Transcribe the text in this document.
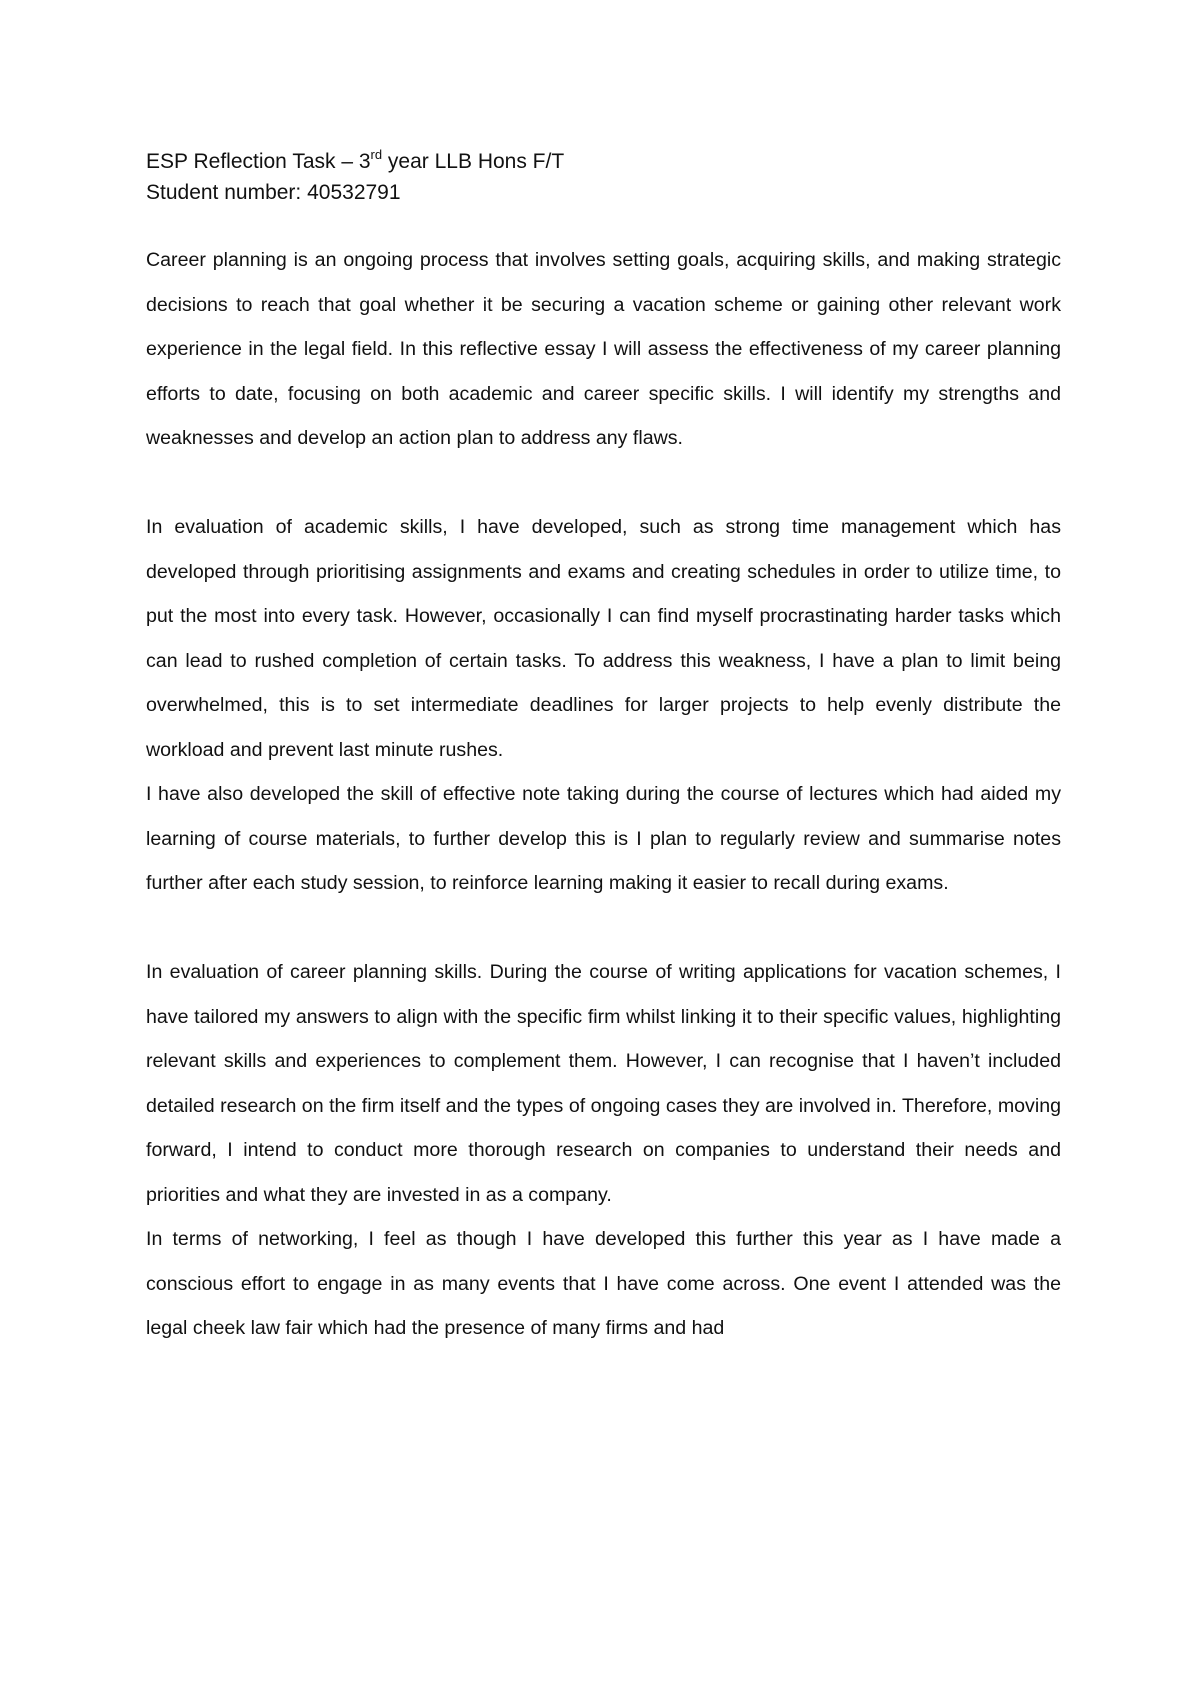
ESP Reflection Task – 3rd year LLB Hons F/T

Student number: 40532791

Career planning is an ongoing process that involves setting goals, acquiring skills, and making strategic decisions to reach that goal whether it be securing a vacation scheme or gaining other relevant work experience in the legal field. In this reflective essay I will assess the effectiveness of my career planning efforts to date, focusing on both academic and career specific skills. I will identify my strengths and weaknesses and develop an action plan to address any flaws.

In evaluation of academic skills, I have developed, such as strong time management which has developed through prioritising assignments and exams and creating schedules in order to utilize time, to put the most into every task. However, occasionally I can find myself procrastinating harder tasks which can lead to rushed completion of certain tasks. To address this weakness, I have a plan to limit being overwhelmed, this is to set intermediate deadlines for larger projects to help evenly distribute the workload and prevent last minute rushes.

I have also developed the skill of effective note taking during the course of lectures which had aided my learning of course materials, to further develop this is I plan to regularly review and summarise notes further after each study session, to reinforce learning making it easier to recall during exams.

In evaluation of career planning skills. During the course of writing applications for vacation schemes, I have tailored my answers to align with the specific firm whilst linking it to their specific values, highlighting relevant skills and experiences to complement them. However, I can recognise that I haven’t included detailed research on the firm itself and the types of ongoing cases they are involved in. Therefore, moving forward, I intend to conduct more thorough research on companies to understand their needs and priorities and what they are invested in as a company.

In terms of networking, I feel as though I have developed this further this year as I have made a conscious effort to engage in as many events that I have come across. One event I attended was the legal cheek law fair which had the presence of many firms and had
